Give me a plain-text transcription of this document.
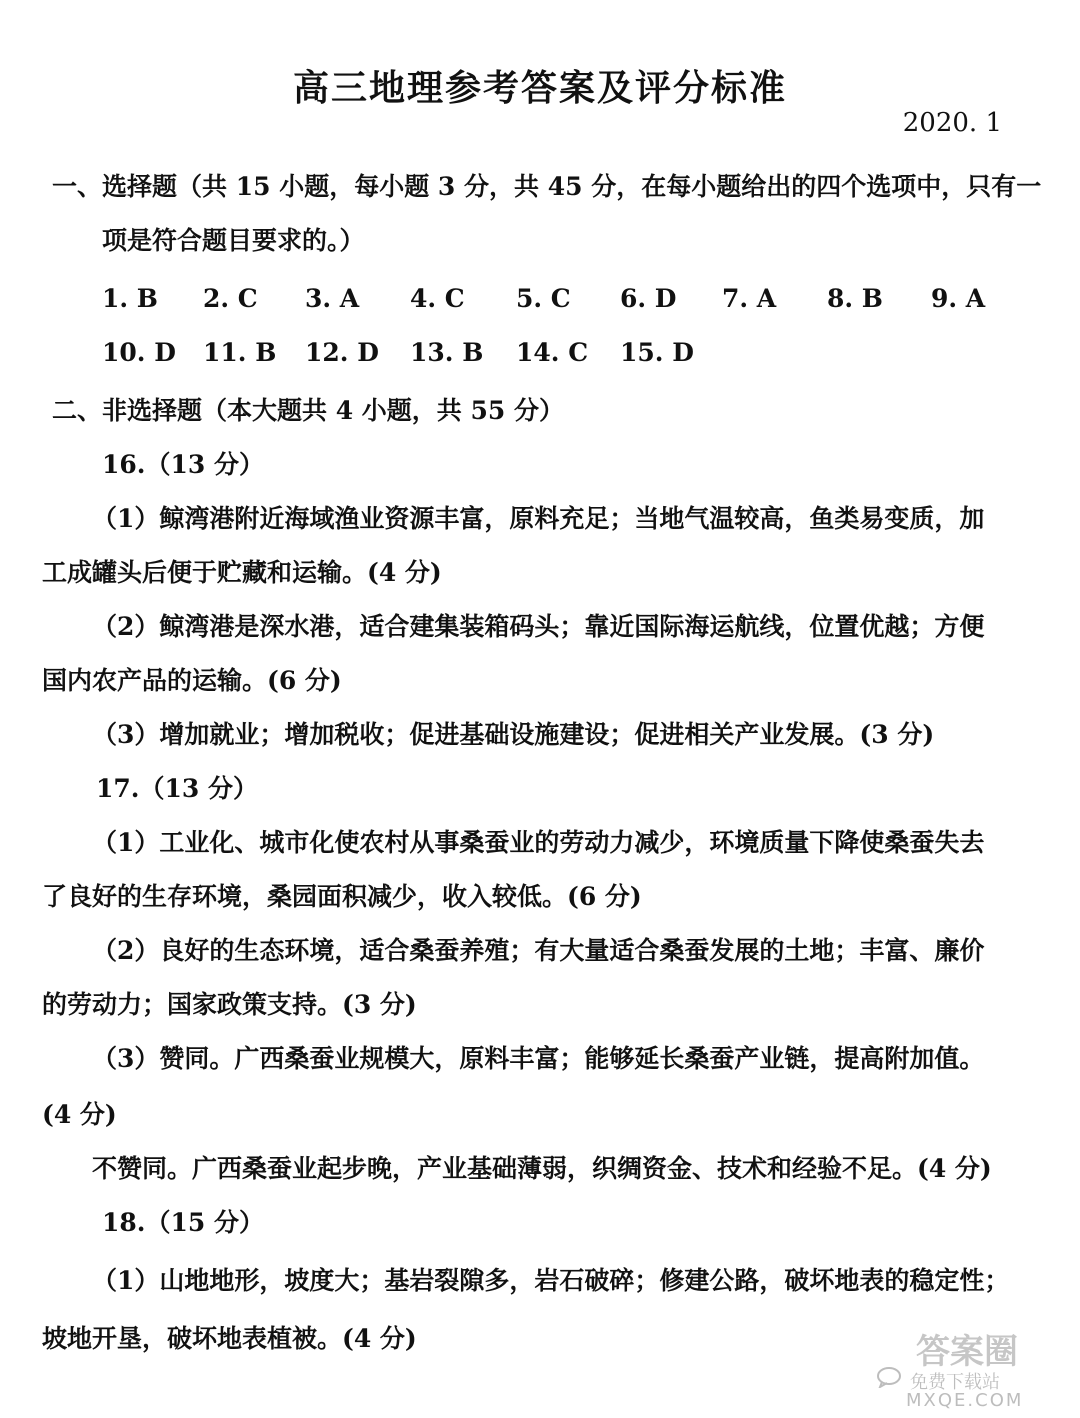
高三地理参考答案及评分标准
2020. 1
一、选择题（共 15 小题，每小题 3 分，共 45 分，在每小题给出的四个选项中，只有一
项是符合题目要求的。）
1. B 2. C 3. A 4. C 5. C 6. D 7. A 8. B 9. A
10. D 11. B 12. D 13. B 14. C 15. D
二、非选择题（本大题共 4 小题，共 55 分）
16.（13 分）
（1）鲸湾港附近海域渔业资源丰富，原料充足；当地气温较高，鱼类易变质，加
工成罐头后便于贮藏和运输。(4 分)
（2）鲸湾港是深水港，适合建集装箱码头；靠近国际海运航线，位置优越；方便
国内农产品的运输。(6 分)
（3）增加就业；增加税收；促进基础设施建设；促进相关产业发展。(3 分)
17.（13 分）
（1）工业化、城市化使农村从事桑蚕业的劳动力减少，环境质量下降使桑蚕失去
了良好的生存环境，桑园面积减少，收入较低。(6 分)
（2）良好的生态环境，适合桑蚕养殖；有大量适合桑蚕发展的土地；丰富、廉价
的劳动力；国家政策支持。(3 分)
（3）赞同。广西桑蚕业规模大，原料丰富；能够延长桑蚕产业链，提高附加值。
(4 分)
不赞同。广西桑蚕业起步晚，产业基础薄弱，织绸资金、技术和经验不足。(4 分)
18.（15 分）
（1）山地地形，坡度大；基岩裂隙多，岩石破碎；修建公路，破坏地表的稳定性；
坡地开垦，破坏地表植被。(4 分)	答案圈
免费下载站
MXQE.COM
